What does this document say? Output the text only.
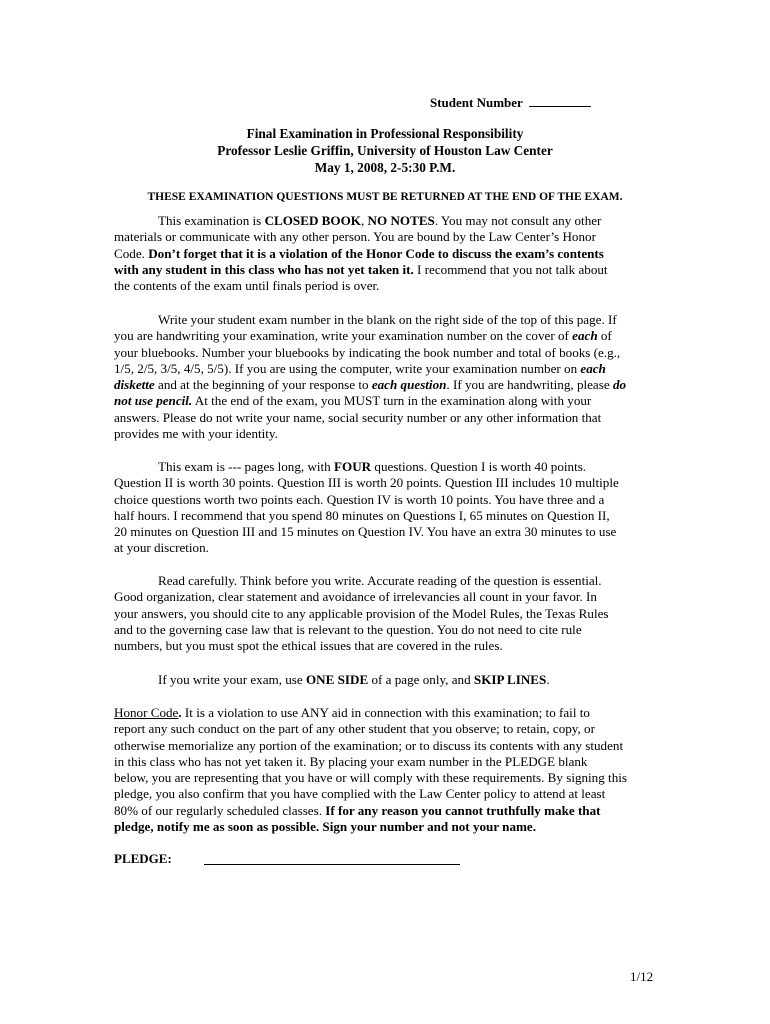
Student Number
Final Examination in Professional Responsibility
Professor Leslie Griffin, University of Houston Law Center
May 1, 2008, 2-5:30 P.M.
THESE EXAMINATION QUESTIONS MUST BE RETURNED AT THE END OF THE EXAM.
This examination is CLOSED BOOK, NO NOTES. You may not consult any other
materials or communicate with any other person. You are bound by the Law Center’s Honor
Code. Don’t forget that it is a violation of the Honor Code to discuss the exam’s contents
with any student in this class who has not yet taken it. I recommend that you not talk about
the contents of the exam until finals period is over.
Write your student exam number in the blank on the right side of the top of this page. If
you are handwriting your examination, write your examination number on the cover of each of
your bluebooks. Number your bluebooks by indicating the book number and total of books (e.g.,
1/5, 2/5, 3/5, 4/5, 5/5). If you are using the computer, write your examination number on each
diskette and at the beginning of your response to each question. If you are handwriting, please do
not use pencil. At the end of the exam, you MUST turn in the examination along with your
answers. Please do not write your name, social security number or any other information that
provides me with your identity.
This exam is --- pages long, with FOUR questions. Question I is worth 40 points.
Question II is worth 30 points. Question III is worth 20 points. Question III includes 10 multiple
choice questions worth two points each. Question IV is worth 10 points. You have three and a
half hours. I recommend that you spend 80 minutes on Questions I, 65 minutes on Question II,
20 minutes on Question III and 15 minutes on Question IV. You have an extra 30 minutes to use
at your discretion.
Read carefully. Think before you write. Accurate reading of the question is essential.
Good organization, clear statement and avoidance of irrelevancies all count in your favor. In
your answers, you should cite to any applicable provision of the Model Rules, the Texas Rules
and to the governing case law that is relevant to the question. You do not need to cite rule
numbers, but you must spot the ethical issues that are covered in the rules.
If you write your exam, use ONE SIDE of a page only, and SKIP LINES.
Honor Code. It is a violation to use ANY aid in connection with this examination; to fail to
report any such conduct on the part of any other student that you observe; to retain, copy, or
otherwise memorialize any portion of the examination; or to discuss its contents with any student
in this class who has not yet taken it. By placing your exam number in the PLEDGE blank
below, you are representing that you have or will comply with these requirements. By signing this
pledge, you also confirm that you have complied with the Law Center policy to attend at least
80% of our regularly scheduled classes. If for any reason you cannot truthfully make that
pledge, notify me as soon as possible. Sign your number and not your name.
PLEDGE:
1/12
